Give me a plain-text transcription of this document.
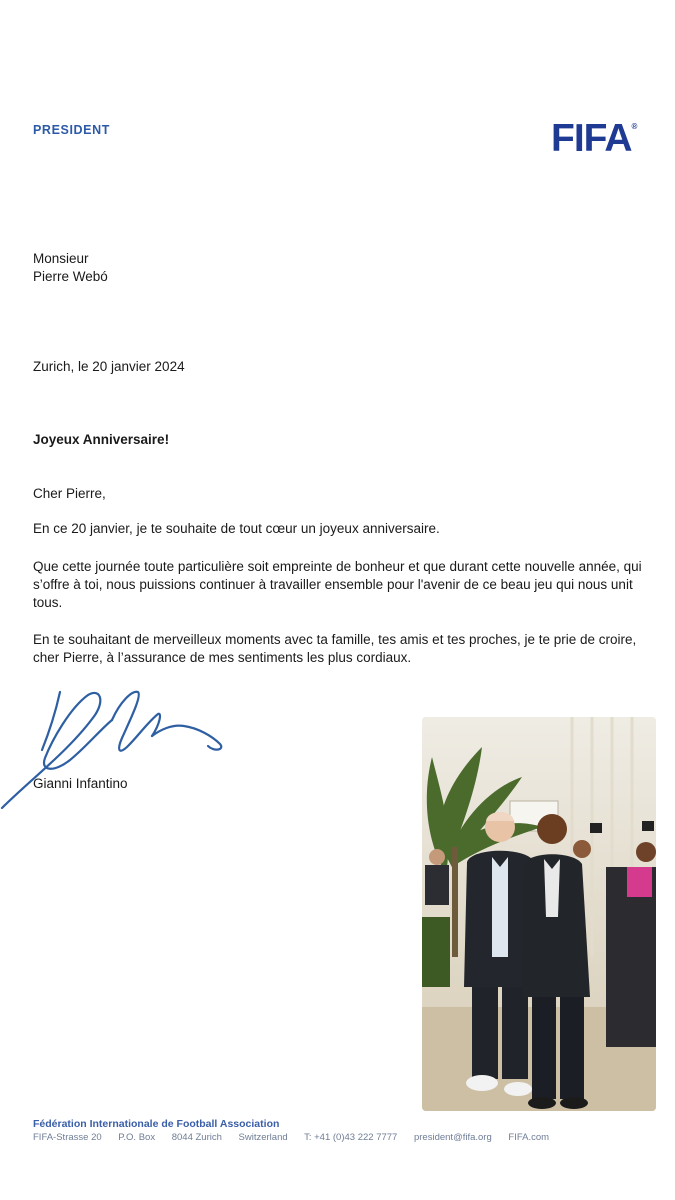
PRESIDENT	FIFA®
Monsieur
Pierre Webó
Zurich, le 20 janvier 2024
Joyeux Anniversaire!
Cher Pierre,
En ce 20 janvier, je te souhaite de tout cœur un joyeux anniversaire.
Que cette journée toute particulière soit empreinte de bonheur et que durant cette nouvelle année, qui s’offre à toi, nous puissions continuer à travailler ensemble pour l'avenir de ce beau jeu qui nous unit tous.
En te souhaitant de merveilleux moments avec ta famille, tes amis et tes proches, je te prie de croire, cher Pierre, à l’assurance de mes sentiments les plus cordiaux.
Gianni Infantino
Fédération Internationale de Football Association
FIFA-Strasse 20 P.O. Box 8044 Zurich Switzerland T: +41 (0)43 222 7777 president@fifa.org FIFA.com
